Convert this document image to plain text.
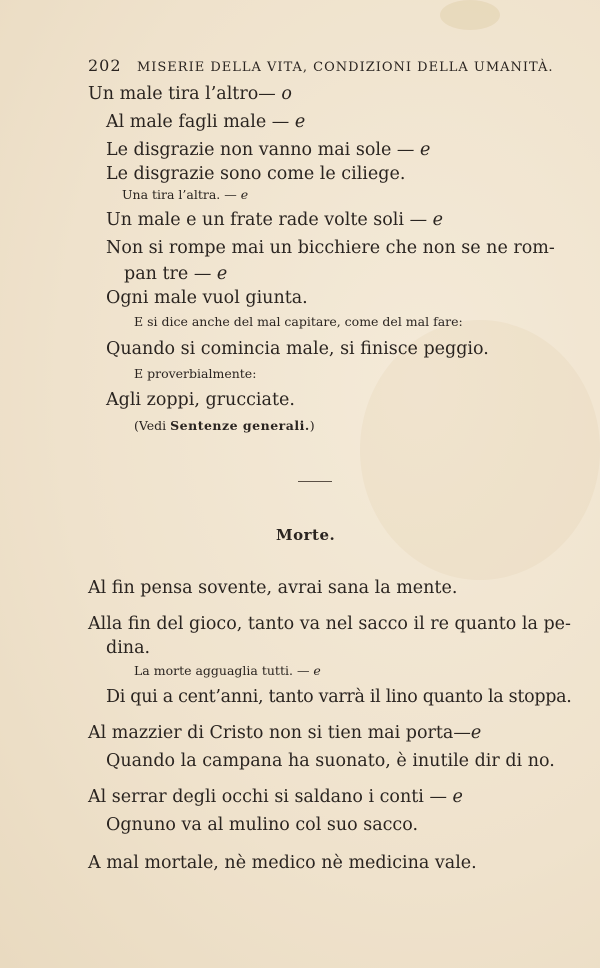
202 MISERIE DELLA VITA, CONDIZIONI DELLA UMANITÀ.
Un male tira l’altro— o
Al male fagli male — e
Le disgrazie non vanno mai sole — e
Le disgrazie sono come le ciliege.
Una tira l’altra. — e
Un male e un frate rade volte soli — e
Non si rompe mai un bicchiere che non se ne rom-
pan tre — e
Ogni male vuol giunta.
E si dice anche del mal capitare, come del mal fare:
Quando si comincia male, si finisce peggio.
E proverbialmente:
Agli zoppi, grucciate.
(Vedi Sentenze generali.)
Morte.
Al fin pensa sovente, avrai sana la mente.
Alla fin del gioco, tanto va nel sacco il re quanto la pe-
dina.
La morte agguaglia tutti. — e
Di qui a cent’anni, tanto varrà il lino quanto la stoppa.
Al mazzier di Cristo non si tien mai porta—e
Quando la campana ha suonato, è inutile dir di no.
Al serrar degli occhi si saldano i conti — e
Ognuno va al mulino col suo sacco.
A mal mortale, nè medico nè medicina vale.
